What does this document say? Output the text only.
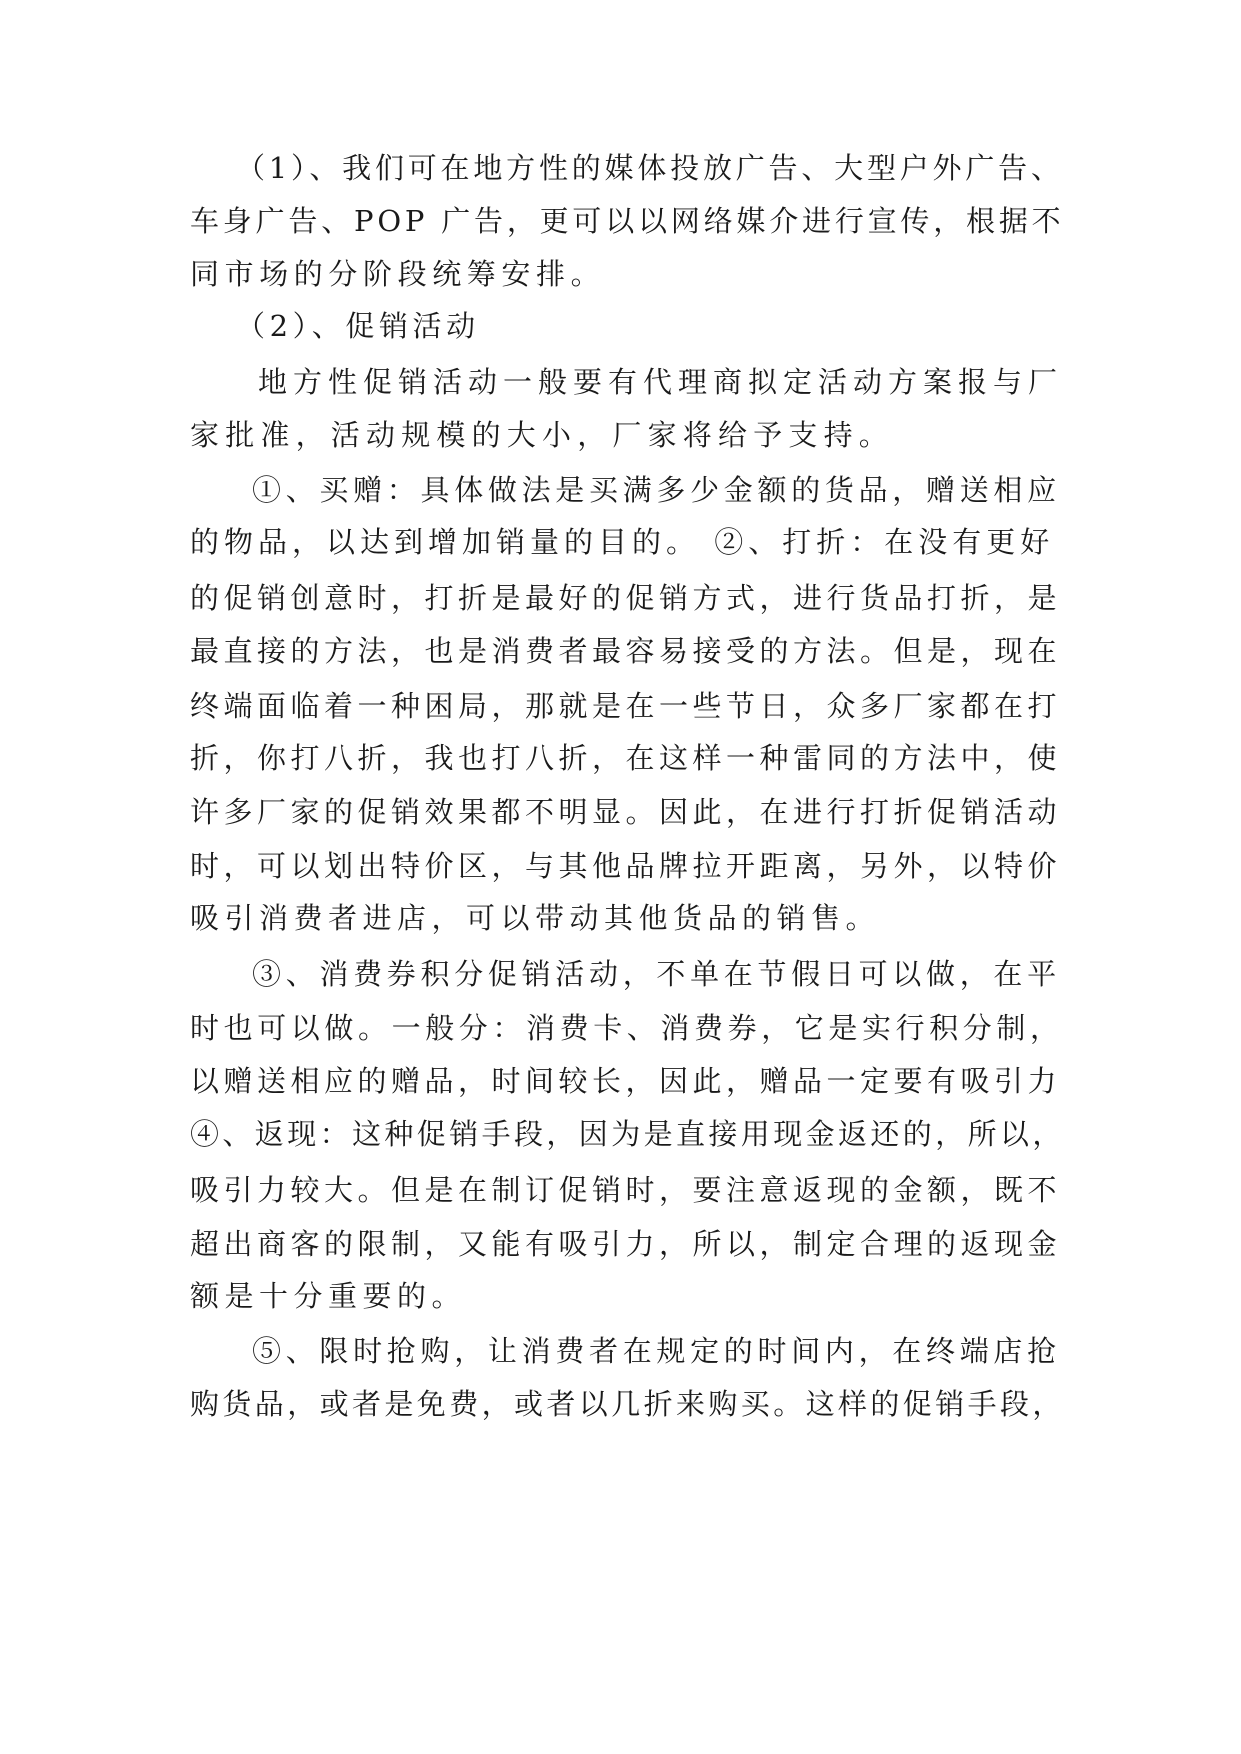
（1）、我们可在地方性的媒体投放广告、大型户外广告、

车身广告、POP 广告，更可以以网络媒介进行宣传，根据不

同市场的分阶段统筹安排。

（2）、促销活动

地方性促销活动一般要有代理商拟定活动方案报与厂

家批准，活动规模的大小，厂家将给予支持。

①、买赠：具体做法是买满多少金额的货品，赠送相应

的物品，以达到增加销量的目的。 ②、打折：在没有更好

的促销创意时，打折是最好的促销方式，进行货品打折，是

最直接的方法，也是消费者最容易接受的方法。但是，现在

终端面临着一种困局，那就是在一些节日，众多厂家都在打

折，你打八折，我也打八折，在这样一种雷同的方法中，使

许多厂家的促销效果都不明显。因此，在进行打折促销活动

时，可以划出特价区，与其他品牌拉开距离，另外，以特价

吸引消费者进店，可以带动其他货品的销售。

③、消费券积分促销活动，不单在节假日可以做，在平

时也可以做。一般分：消费卡、消费券，它是实行积分制，

以赠送相应的赠品，时间较长，因此，赠品一定要有吸引力

④、返现：这种促销手段，因为是直接用现金返还的，所以，

吸引力较大。但是在制订促销时，要注意返现的金额，既不

超出商客的限制，又能有吸引力，所以，制定合理的返现金

额是十分重要的。

⑤、限时抢购，让消费者在规定的时间内，在终端店抢

购货品，或者是免费，或者以几折来购买。这样的促销手段，
